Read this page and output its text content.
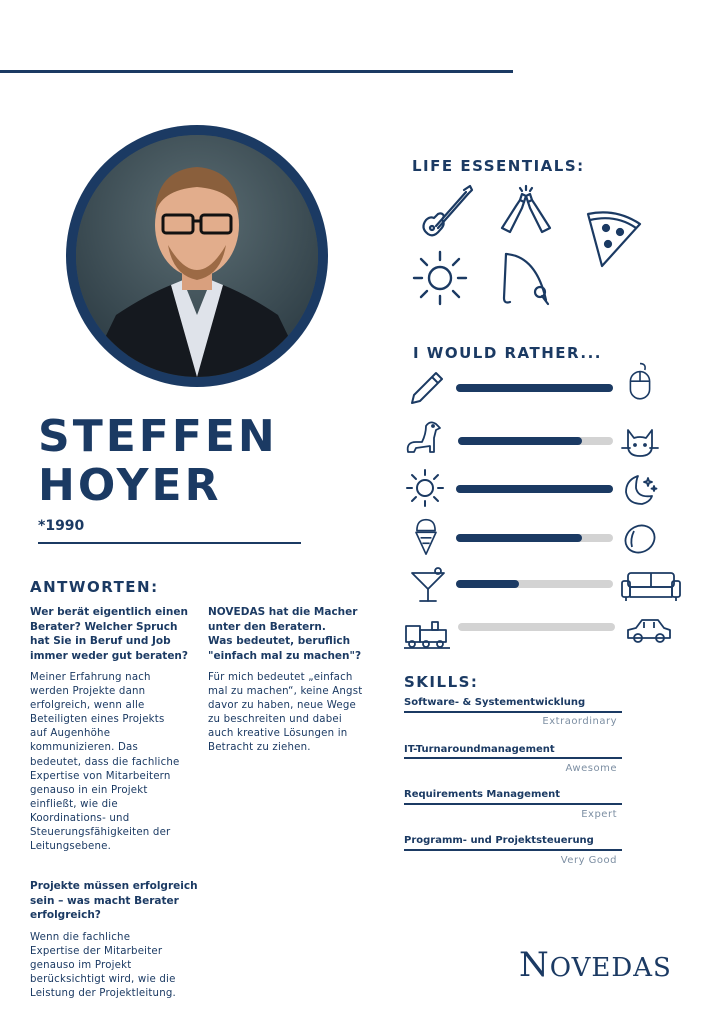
STEFFEN
HOYER
*1990
ANTWORTEN:
Wer berät eigentlich einen
Berater? Welcher Spruch
hat Sie in Beruf und Job
immer weder gut beraten?
Meiner Erfahrung nach
werden Projekte dann
erfolgreich, wenn alle
Beteiligten eines Projekts
auf Augenhöhe
kommunizieren. Das
bedeutet, dass die fachliche
Expertise von Mitarbeitern
genauso in ein Projekt
einfließt, wie die
Koordinations- und
Steuerungsfähigkeiten der
Leitungsebene.
Projekte müssen erfolgreich
sein – was macht Berater
erfolgreich?
Wenn die fachliche
Expertise der Mitarbeiter
genauso im Projekt
berücksichtigt wird, wie die
Leistung der Projektleitung.
NOVEDAS hat die Macher
unter den Beratern.
Was bedeutet, beruflich
"einfach mal zu machen"?
Für mich bedeutet „einfach
mal zu machen“, keine Angst
davor zu haben, neue Wege
zu beschreiten und dabei
auch kreative Lösungen in
Betracht zu ziehen.
LIFE ESSENTIALS:
I WOULD RATHER...
SKILLS:
Software- & Systementwicklung
Extraordinary
IT-Turnaroundmanagement
Awesome
Requirements Management
Expert
Programm- und Projektsteuerung
Very Good
NOVEDAS
